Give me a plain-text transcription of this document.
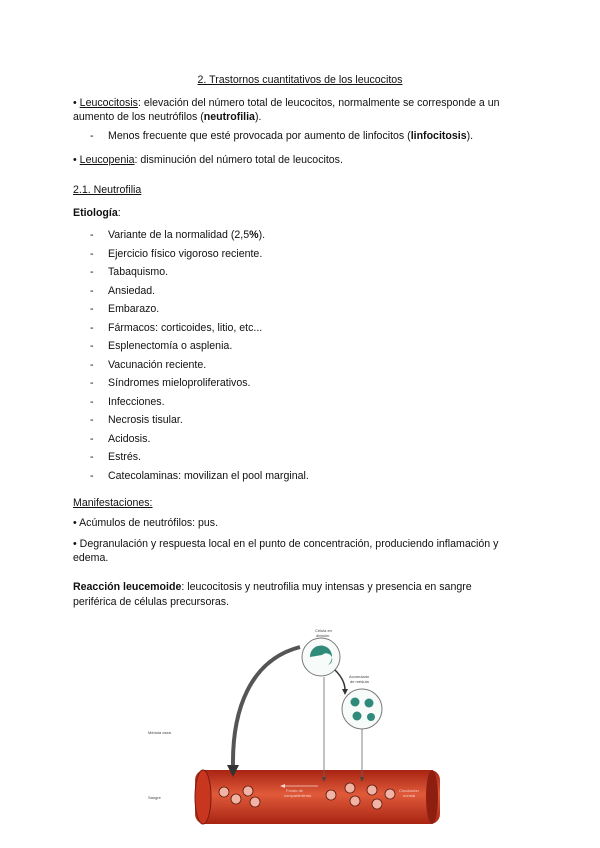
2. Trastornos cuantitativos de los leucocitos
• Leucocitosis: elevación del número total de leucocitos, normalmente se corresponde a un
aumento de los neutrófilos (neutrofilia).
- Menos frecuente que esté provocada por aumento de linfocitos (linfocitosis).
• Leucopenia: disminución del número total de leucocitos.
2.1. Neutrofilia
Etiología:
- Variante de la normalidad (2,5%).
- Ejercicio físico vigoroso reciente.
- Tabaquismo.
- Ansiedad.
- Embarazo.
- Fármacos: corticoides, litio, etc...
- Esplenectomía o asplenia.
- Vacunación reciente.
- Síndromes mieloproliferativos.
- Infecciones.
- Necrosis tisular.
- Acidosis.
- Estrés.
- Catecolaminas: movilizan el pool marginal.
Manifestaciones:
• Acúmulos de neutrófilos: pus.
• Degranulación y respuesta local en el punto de concentración, produciendo inflamación y
edema.
Reacción leucemoide: leucocitosis y neutrofilia muy intensas y presencia en sangre
periférica de células precursoras.
Célula en
división
Acumulado
de médula
Médula ósea
Sangre
Fondo de
compartimiento
Circulación
normal
